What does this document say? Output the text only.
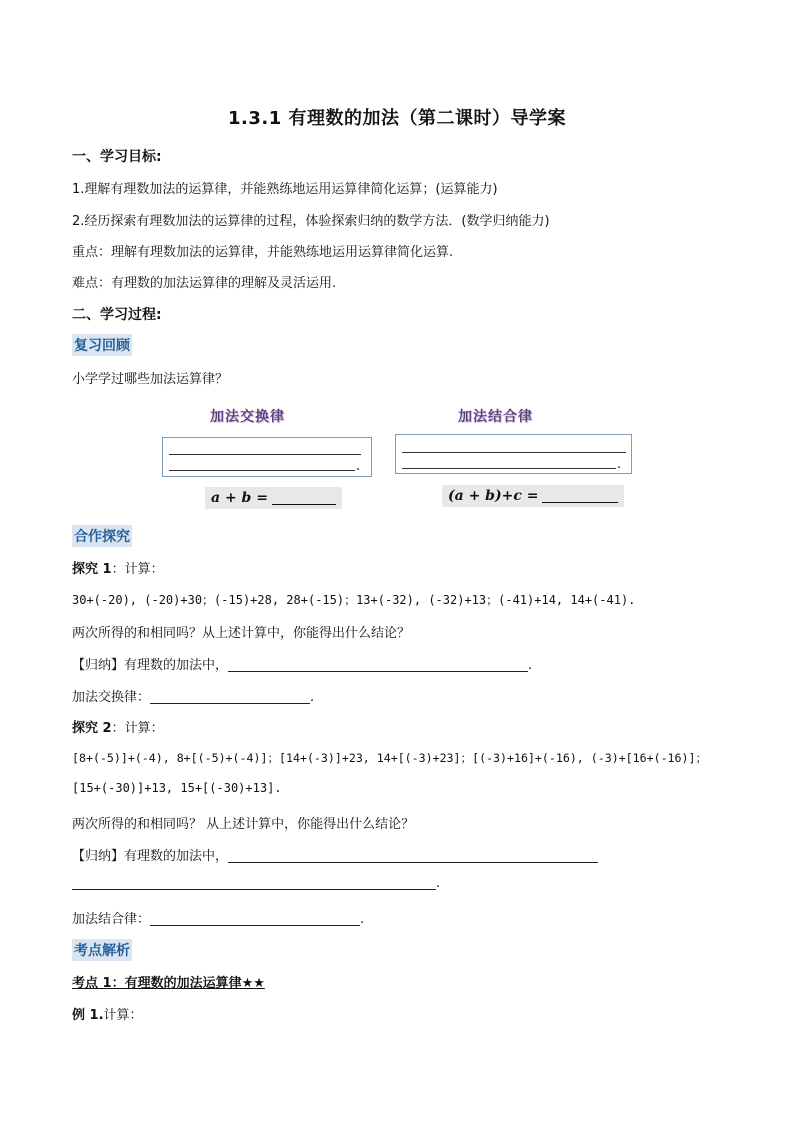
1.3.1 有理数的加法（第二课时）导学案
一、学习目标:
1.理解有理数加法的运算律，并能熟练地运用运算律简化运算；(运算能力)
2.经历探索有理数加法的运算律的过程，体验探索归纳的数学方法．(数学归纳能力)
重点：理解有理数加法的运算律，并能熟练地运用运算律简化运算.
难点：有理数的加法运算律的理解及灵活运用.
二、学习过程:
复习回顾
小学学过哪些加法运算律？
加法交换律
.
a + b =
加法结合律
.
(a + b)+c =
合作探究
探究 1：计算：
30+(-20), (-20)+30；(-15)+28, 28+(-15)；13+(-32), (-32)+13；(-41)+14, 14+(-41).
两次所得的和相同吗？从上述计算中，你能得出什么结论？
【归纳】有理数的加法中，	.
加法交换律：	.
探究 2：计算：
[8+(-5)]+(-4), 8+[(-5)+(-4)]；[14+(-3)]+23, 14+[(-3)+23]；[(-3)+16]+(-16), (-3)+[16+(-16)]；
[15+(-30)]+13, 15+[(-30)+13].
两次所得的和相同吗？ 从上述计算中，你能得出什么结论？
【归纳】有理数的加法中，
.
加法结合律：	.
考点解析
考点 1：有理数的加法运算律★★
例 1.计算：
